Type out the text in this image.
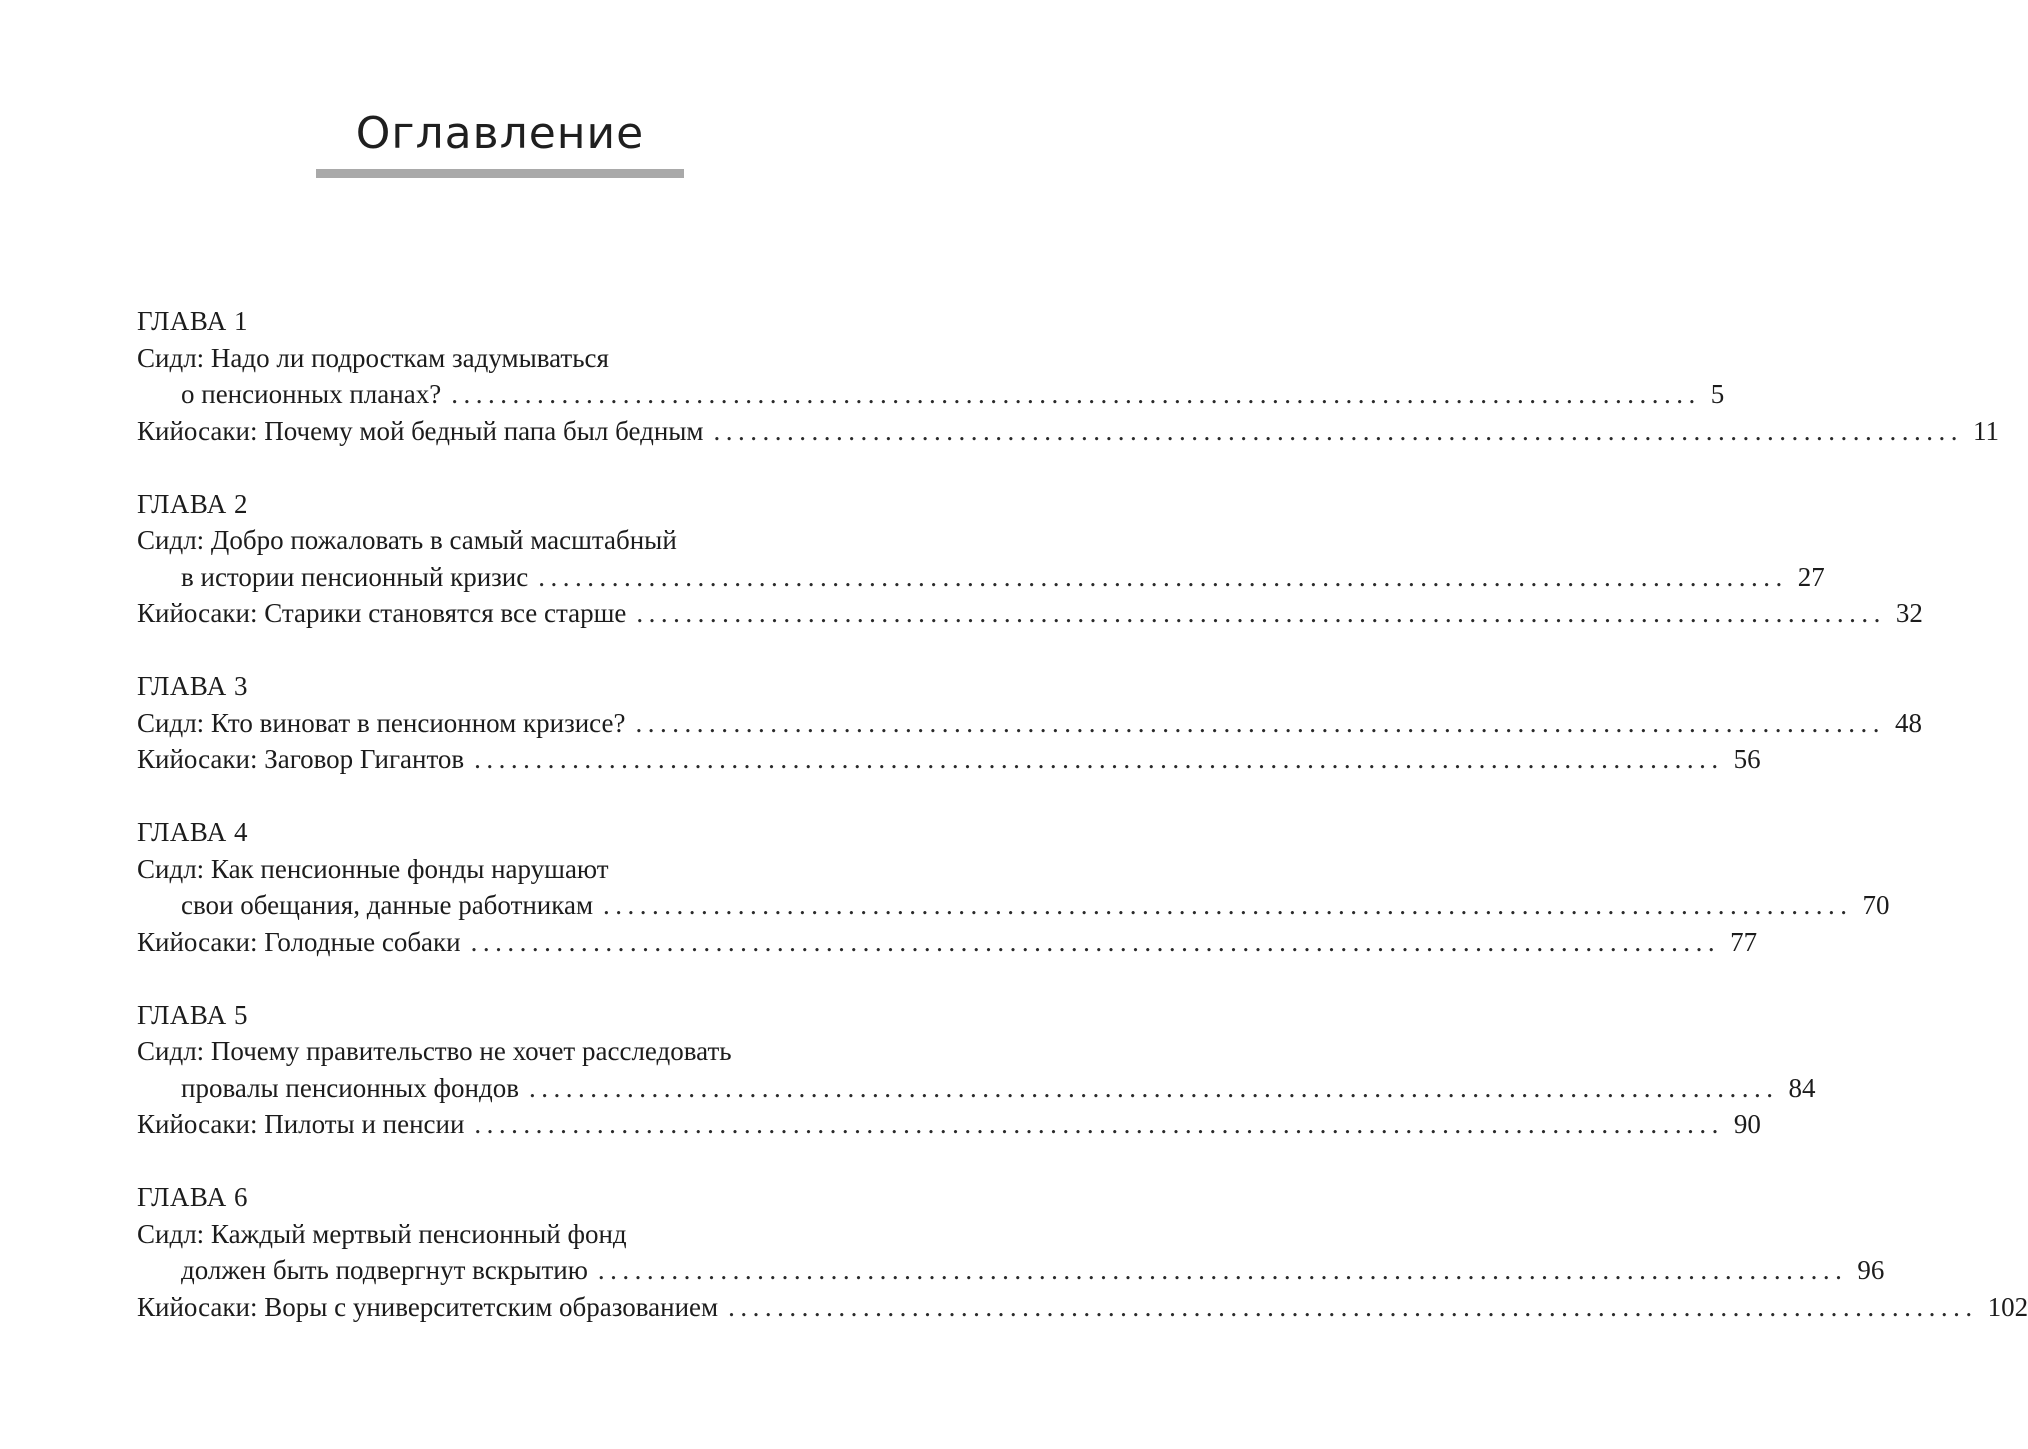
Оглавление
ГЛАВА 1
Сидл: Надо ли подросткам задумываться
о пенсионных планах? ...................................................................................................... 5
Кийосаки: Почему мой бедный папа был бедным ...................................................................................................... 11
ГЛАВА 2
Сидл: Добро пожаловать в самый масштабный
в истории пенсионный кризис ...................................................................................................... 27
Кийосаки: Старики становятся все старше ...................................................................................................... 32
ГЛАВА 3
Сидл: Кто виноват в пенсионном кризисе? ...................................................................................................... 48
Кийосаки: Заговор Гигантов ...................................................................................................... 56
ГЛАВА 4
Сидл: Как пенсионные фонды нарушают
свои обещания, данные работникам ...................................................................................................... 70
Кийосаки: Голодные собаки ...................................................................................................... 77
ГЛАВА 5
Сидл: Почему правительство не хочет расследовать
провалы пенсионных фондов ...................................................................................................... 84
Кийосаки: Пилоты и пенсии ...................................................................................................... 90
ГЛАВА 6
Сидл: Каждый мертвый пенсионный фонд
должен быть подвергнут вскрытию ...................................................................................................... 96
Кийосаки: Воры с университетским образованием ...................................................................................................... 102
